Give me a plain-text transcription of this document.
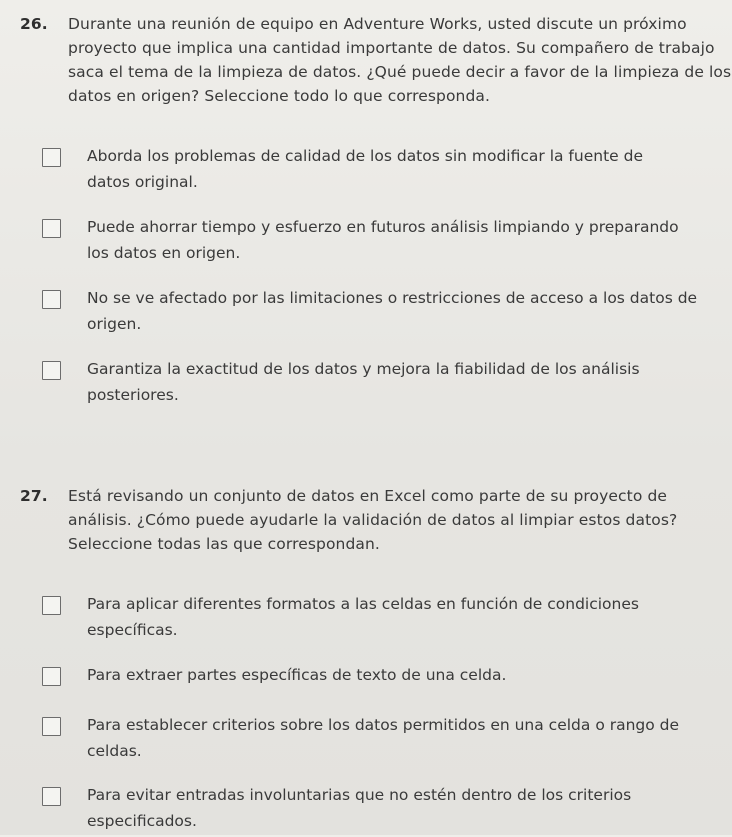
26. Durante una reunión de equipo en Adventure Works, usted discute un próximo
proyecto que implica una cantidad importante de datos. Su compañero de trabajo
saca el tema de la limpieza de datos. ¿Qué puede decir a favor de la limpieza de los
datos en origen? Seleccione todo lo que corresponda.
Aborda los problemas de calidad de los datos sin modificar la fuente de
datos original.
Puede ahorrar tiempo y esfuerzo en futuros análisis limpiando y preparando
los datos en origen.
No se ve afectado por las limitaciones o restricciones de acceso a los datos de
origen.
Garantiza la exactitud de los datos y mejora la fiabilidad de los análisis
posteriores.
27. Está revisando un conjunto de datos en Excel como parte de su proyecto de
análisis. ¿Cómo puede ayudarle la validación de datos al limpiar estos datos?
Seleccione todas las que correspondan.
Para aplicar diferentes formatos a las celdas en función de condiciones
específicas.
Para extraer partes específicas de texto de una celda.
Para establecer criterios sobre los datos permitidos en una celda o rango de
celdas.
Para evitar entradas involuntarias que no estén dentro de los criterios
especificados.
